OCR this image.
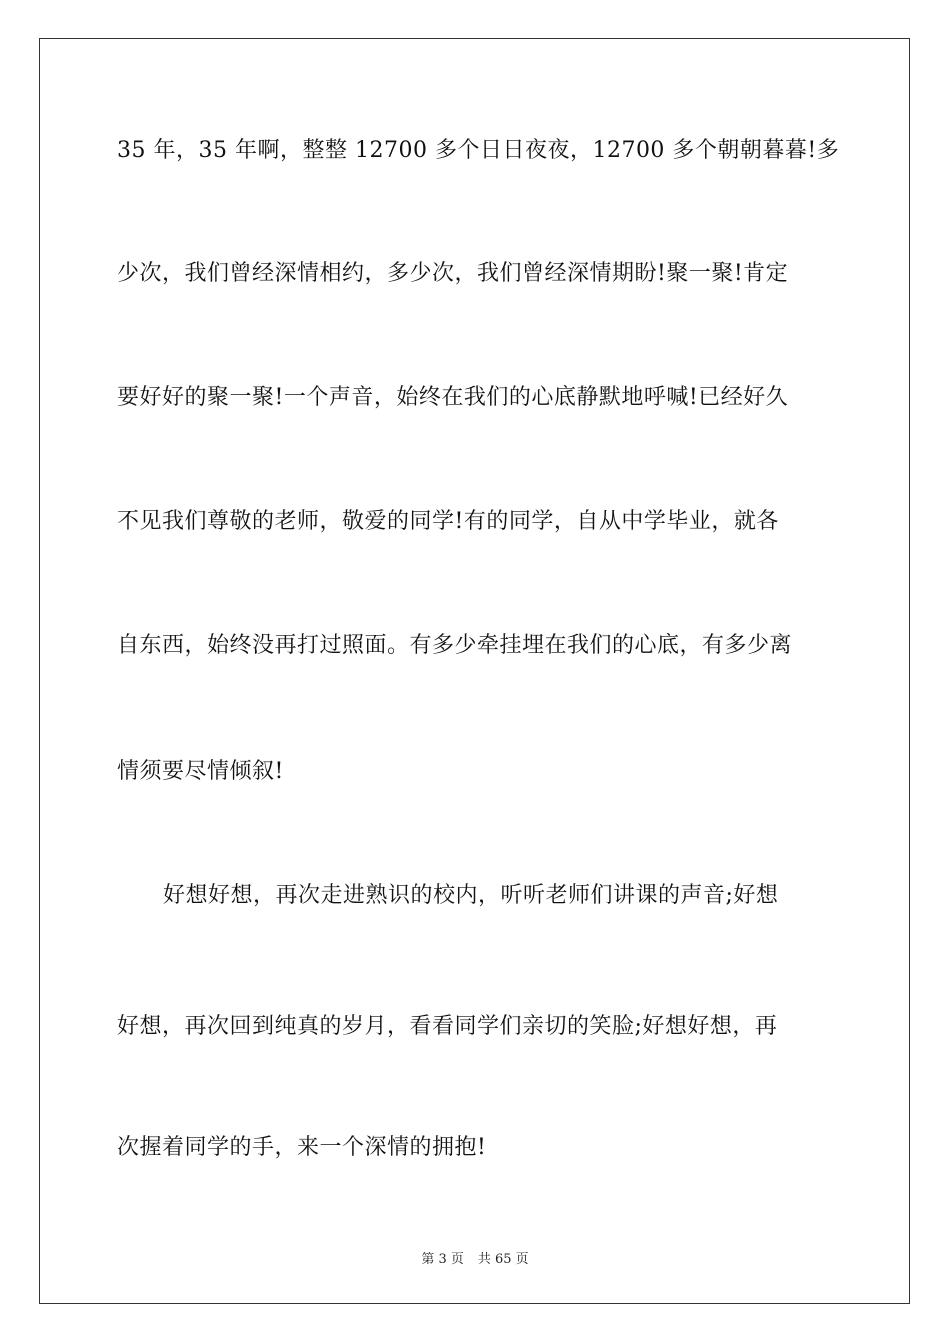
35 年，35 年啊，整整 12700 多个日日夜夜，12700 多个朝朝暮暮!多
少次，我们曾经深情相约，多少次，我们曾经深情期盼!聚一聚!肯定
要好好的聚一聚!一个声音，始终在我们的心底静默地呼喊!已经好久
不见我们尊敬的老师，敬爱的同学!有的同学，自从中学毕业，就各
自东西，始终没再打过照面。有多少牵挂埋在我们的心底，有多少离
情须要尽情倾叙!
好想好想，再次走进熟识的校内，听听老师们讲课的声音;好想
好想，再次回到纯真的岁月，看看同学们亲切的笑脸;好想好想，再
次握着同学的手，来一个深情的拥抱!
第 3 页 共 65 页
